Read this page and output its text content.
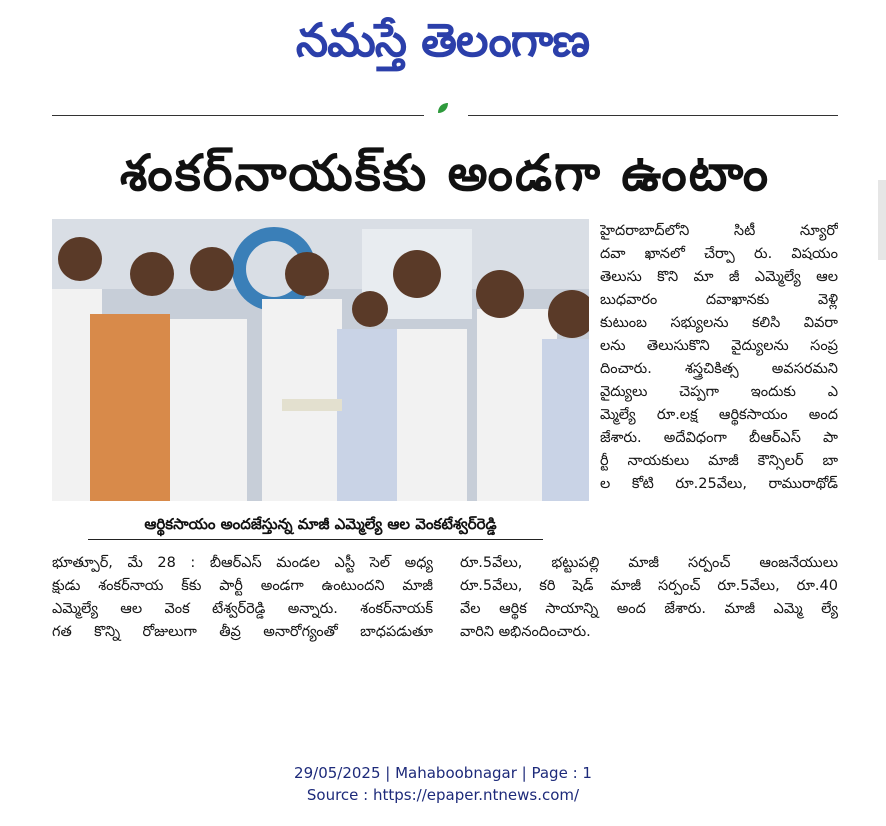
నమస్తే తెలంగాణ
శంకర్‌నాయక్‌కు అండగా ఉంటాం
ఆర్థికసాయం అందజేస్తున్న మాజీ ఎమ్మెల్యే ఆల వెంకటేశ్వర్‌రెడ్డి

హైదరాబాద్‌లోని సిటీ న్యూరో

దవా ఖానలో చేర్పా రు. విషయం

తెలుసు కొని మా జీ ఎమ్మెల్యే ఆల

బుధవారం దవాఖానకు వెళ్లి

కుటుంబ సభ్యులను కలిసి వివరా

లను తెలుసుకొని వైద్యులను సంప్ర

దించారు. శస్త్రచికిత్స అవసరమని

వైద్యులు చెప్పగా ఇందుకు ఎ

మ్మెల్యే రూ.లక్ష ఆర్థికసాయం అంద

జేశారు. అదేవిధంగా బీఆర్‌ఎస్ పా

ర్టీ నాయకులు మాజీ కౌన్సిలర్ బా

ల కోటి రూ.25వేలు, రామురాథోడ్

భూత్పూర్, మే 28 : బీఆర్‌ఎస్ మండల ఎస్టీ సెల్ అధ్య

క్షుడు శంకర్‌నాయ క్‌కు పార్టీ అండగా ఉంటుందని మాజీ

ఎమ్మెల్యే ఆల వెంక టేశ్వర్‌రెడ్డి అన్నారు. శంకర్‌నాయక్

గత కొన్ని రోజులుగా తీవ్ర అనారోగ్యంతో బాధపడుతూ

రూ.5వేలు, భట్టుపల్లి మాజీ సర్పంచ్ ఆంజనేయులు

రూ.5వేలు, కరి షెడ్ మాజీ సర్పంచ్ రూ.5వేలు, రూ.40

వేల ఆర్థిక సాయాన్ని అంద జేశారు. మాజీ ఎమ్మె ల్యే

వారిని అభినందించారు.

29/05/2025 | Mahaboobnagar | Page : 1
Source : https://epaper.ntnews.com/
